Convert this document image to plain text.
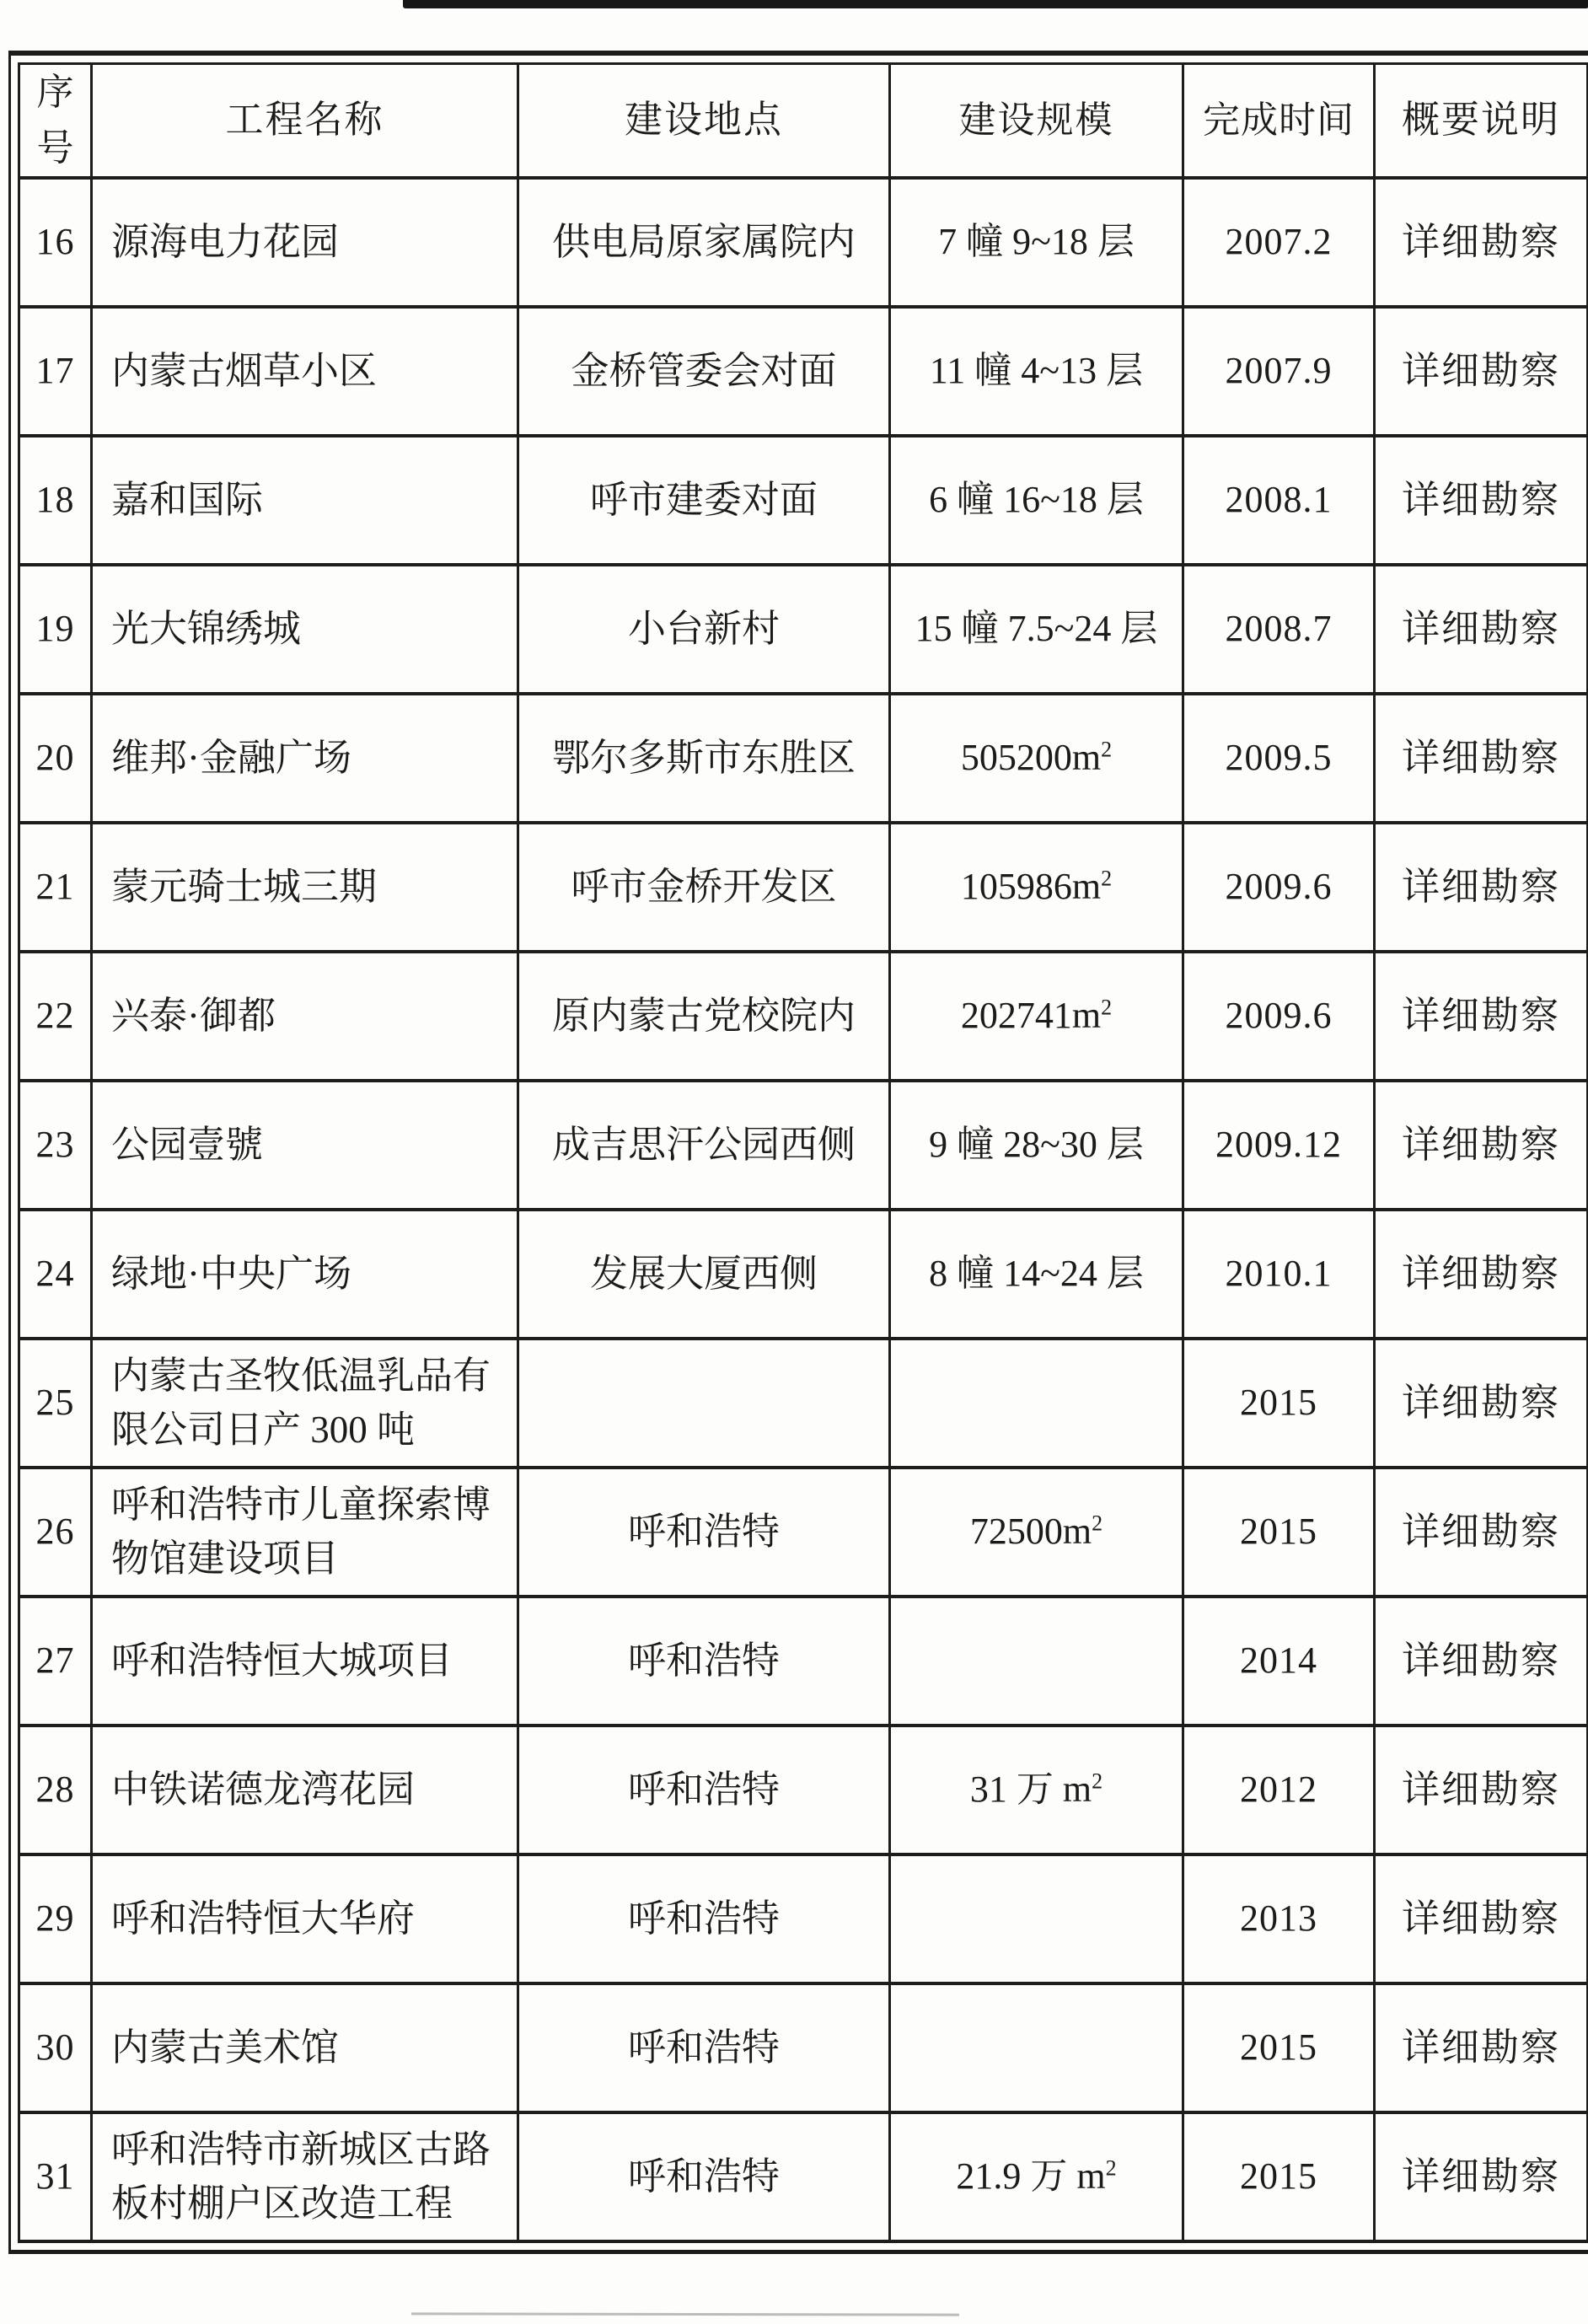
序号	工程名称	建设地点	建设规模	完成时间	概要说明
16	源海电力花园	供电局原家属院内	7 幢 9~18 层	2007.2	详细勘察
17	内蒙古烟草小区	金桥管委会对面	11 幢 4~13 层	2007.9	详细勘察
18	嘉和国际	呼市建委对面	6 幢 16~18 层	2008.1	详细勘察
19	光大锦绣城	小台新村	15 幢 7.5~24 层	2008.7	详细勘察
20	维邦·金融广场	鄂尔多斯市东胜区	$505200m^2$	2009.5	详细勘察
21	蒙元骑士城三期	呼市金桥开发区	$105986m^2$	2009.6	详细勘察
22	兴泰·御都	原内蒙古党校院内	$202741m^2$	2009.6	详细勘察
23	公园壹號	成吉思汗公园西侧	9 幢 28~30 层	2009.12	详细勘察
24	绿地·中央广场	发展大厦西侧	8 幢 14~24 层	2010.1	详细勘察
25	内蒙古圣牧低温乳品有限公司日产 300 吨			2015	详细勘察
26	呼和浩特市儿童探索博物馆建设项目	呼和浩特	$72500m^2$	2015	详细勘察
27	呼和浩特恒大城项目	呼和浩特		2014	详细勘察
28	中铁诺德龙湾花园	呼和浩特	31 万 $m^2$	2012	详细勘察
29	呼和浩特恒大华府	呼和浩特		2013	详细勘察
30	内蒙古美术馆	呼和浩特		2015	详细勘察
31	呼和浩特市新城区古路板村棚户区改造工程	呼和浩特	21.9 万 $m^2$	2015	详细勘察
